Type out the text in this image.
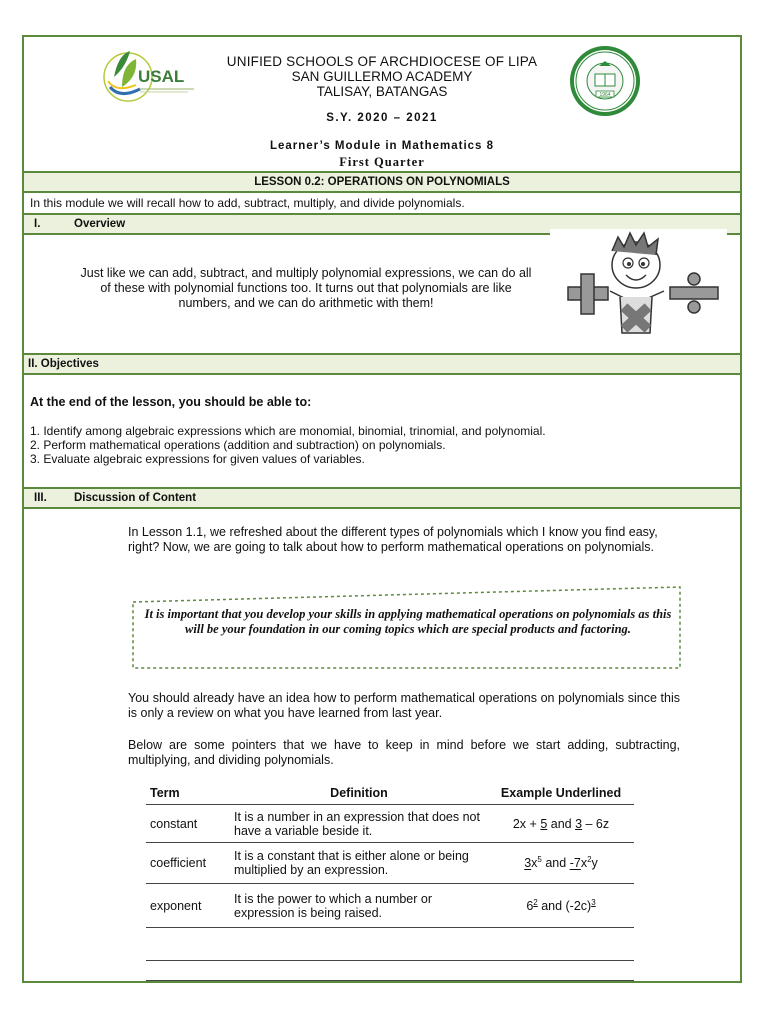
USAL
UNIFIED SCHOOLS OF ARCHDIOCESE OF LIPA
SAN GUILLERMO ACADEMY
TALISAY, BATANGAS
S.Y. 2020 – 2021
Learner’s Module in Mathematics 8
First Quarter
1964
LESSON 0.2: OPERATIONS ON POLYNOMIALS
In this module we will recall how to add, subtract, multiply, and divide polynomials.
I.	Overview
Just like we can add, subtract, and multiply polynomial expressions, we can do all of these with polynomial functions too. It turns out that polynomials are like numbers, and we can do arithmetic with them!
II. Objectives
At the end of the lesson, you should be able to:
1. Identify among algebraic expressions which are monomial, binomial, trinomial, and polynomial.
2. Perform mathematical operations (addition and subtraction) on polynomials.
3. Evaluate algebraic expressions for given values of variables.
III. Discussion of Content
In Lesson 1.1, we refreshed about the different types of polynomials which I know you find easy, right? Now, we are going to talk about how to perform mathematical operations on polynomials.
It is important that you develop your skills in applying mathematical operations on polynomials as this will be your foundation in our coming topics which are special products and factoring.
You should already have an idea how to perform mathematical operations on polynomials since this is only a review on what you have learned from last year.
Below are some pointers that we have to keep in mind before we start adding, subtracting, multiplying, and dividing polynomials.
Term	Definition	Example Underlined
constant	It is a number in an expression that does not have a variable beside it.	2x + 5 and 3 – 6z
coefficient	It is a constant that is either alone or being multiplied by an expression.	$3x^5$ and $-7x^2y$
exponent	It is the power to which a number or expression is being raised.	$6^2$ and $(-2c)^3$
